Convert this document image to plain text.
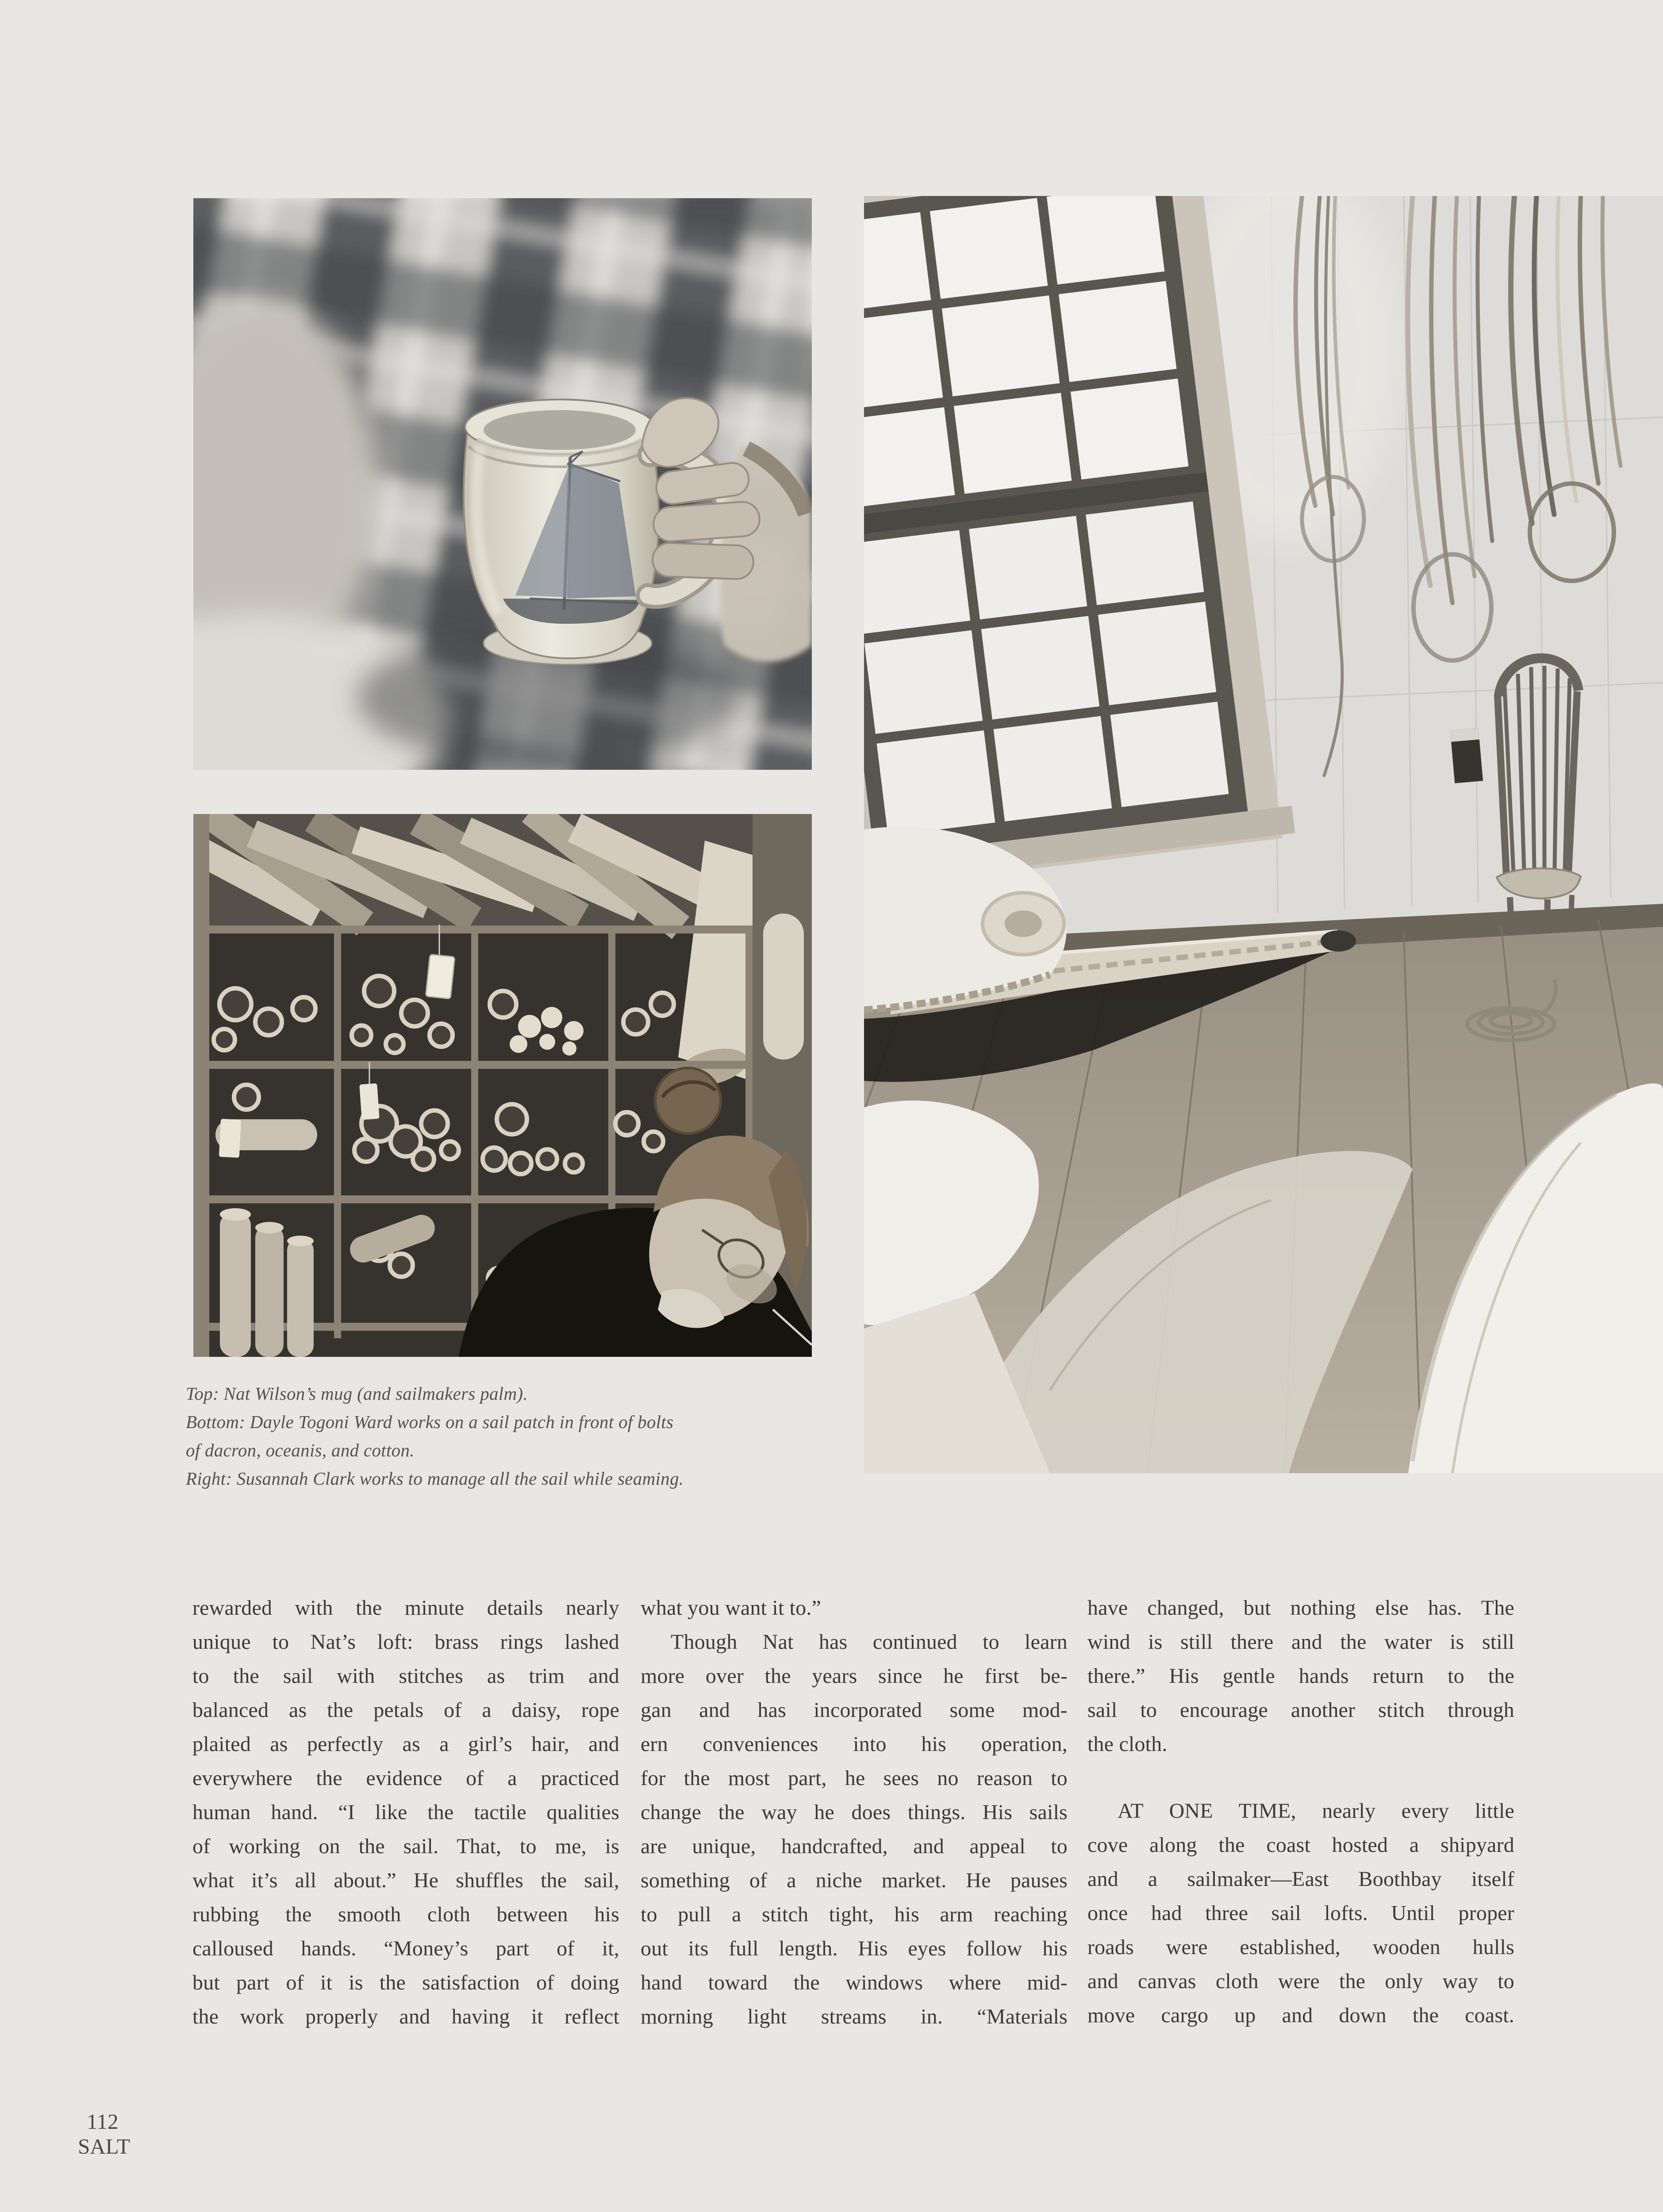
Top: Nat Wilson’s mug (and sailmakers palm).
Bottom: Dayle Togoni Ward works on a sail patch in front of bolts
of dacron, oceanis, and cotton.
Right: Susannah Clark works to manage all the sail while seaming.
rewarded with the minute details nearly
unique to Nat’s loft: brass rings lashed
to the sail with stitches as trim and
balanced as the petals of a daisy, rope
plaited as perfectly as a girl’s hair, and
everywhere the evidence of a practiced
human hand. “I like the tactile qualities
of working on the sail. That, to me, is
what it’s all about.” He shuffles the sail,
rubbing the smooth cloth between his
calloused hands. “Money’s part of it,
but part of it is the satisfaction of doing
the work properly and having it reflect
what you want it to.”
Though Nat has continued to learn
more over the years since he first be-
gan and has incorporated some mod-
ern conveniences into his operation,
for the most part, he sees no reason to
change the way he does things. His sails
are unique, handcrafted, and appeal to
something of a niche market. He pauses
to pull a stitch tight, his arm reaching
out its full length. His eyes follow his
hand toward the windows where mid-
morning light streams in. “Materials
have changed, but nothing else has. The
wind is still there and the water is still
there.” His gentle hands return to the
sail to encourage another stitch through
the cloth.
AT ONE TIME, nearly every little
cove along the coast hosted a shipyard
and a sailmaker—East Boothbay itself
once had three sail lofts. Until proper
roads were established, wooden hulls
and canvas cloth were the only way to
move cargo up and down the coast.
112
SALT
